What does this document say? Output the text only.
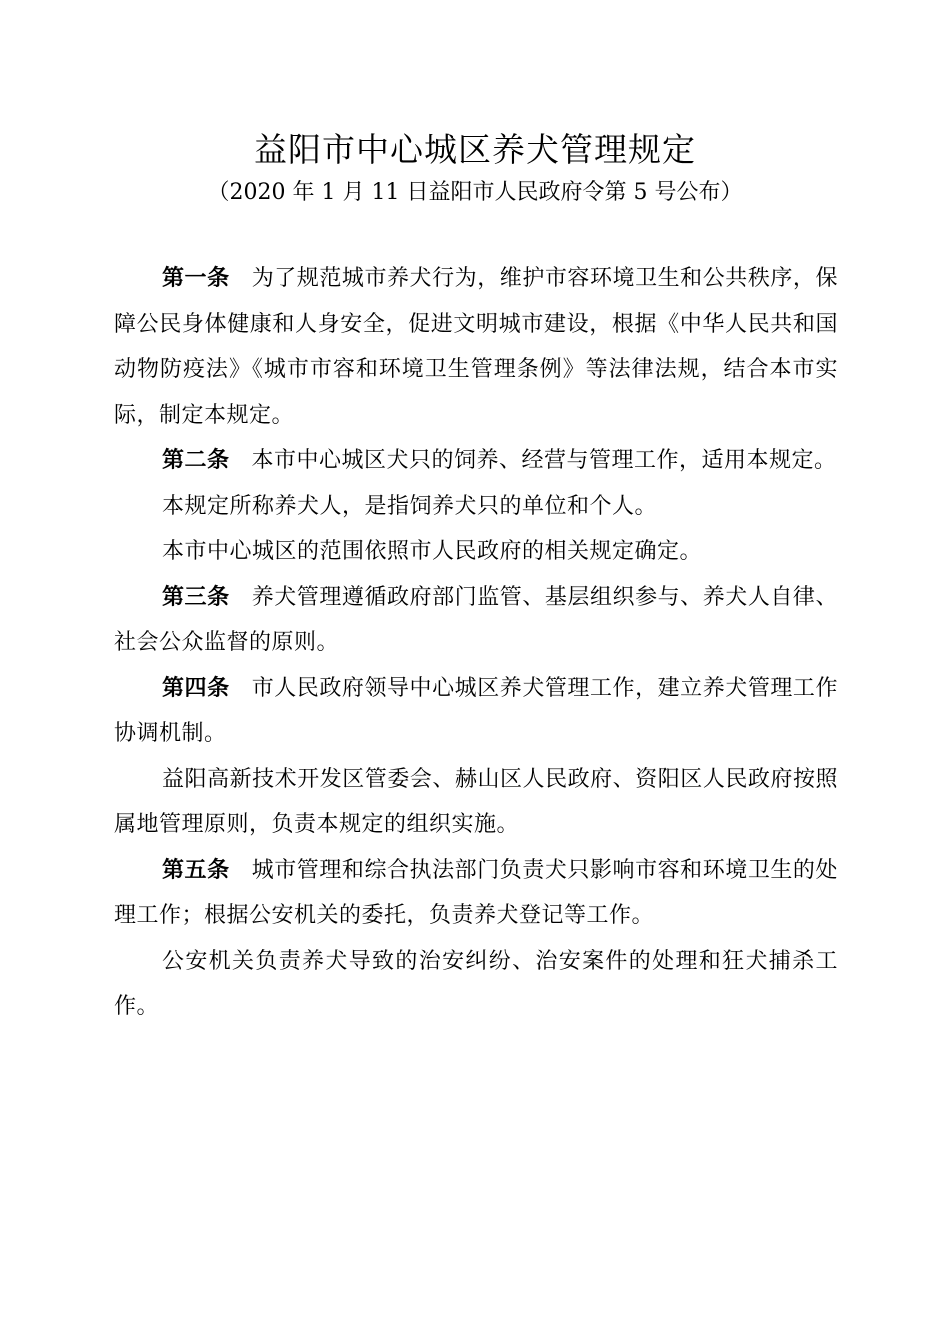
益阳市中心城区养犬管理规定
（2020 年 1 月 11 日益阳市人民政府令第 5 号公布）

第一条 为了规范城市养犬行为，维护市容环境卫生和公共秩序，保障公民身体健康和人身安全，促进文明城市建设，根据《中华人民共和国动物防疫法》《城市市容和环境卫生管理条例》等法律法规，结合本市实际，制定本规定。

第二条 本市中心城区犬只的饲养、经营与管理工作，适用本规定。

本规定所称养犬人，是指饲养犬只的单位和个人。

本市中心城区的范围依照市人民政府的相关规定确定。

第三条 养犬管理遵循政府部门监管、基层组织参与、养犬人自律、社会公众监督的原则。

第四条 市人民政府领导中心城区养犬管理工作，建立养犬管理工作协调机制。

益阳高新技术开发区管委会、赫山区人民政府、资阳区人民政府按照属地管理原则，负责本规定的组织实施。

第五条 城市管理和综合执法部门负责犬只影响市容和环境卫生的处理工作；根据公安机关的委托，负责养犬登记等工作。

公安机关负责养犬导致的治安纠纷、治安案件的处理和狂犬捕杀工作。
